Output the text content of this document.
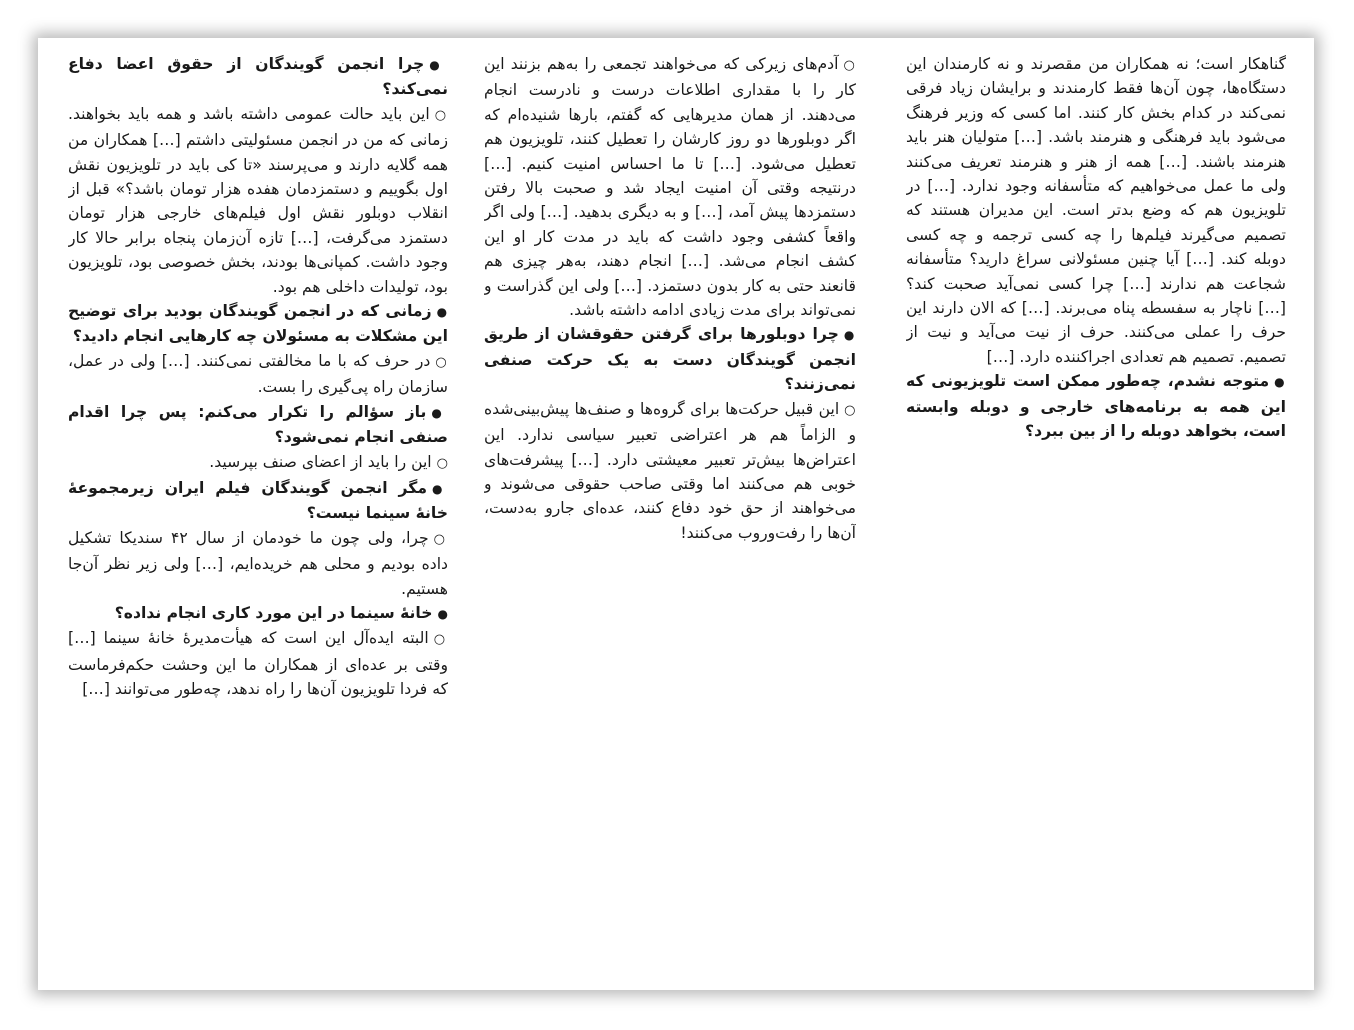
گناهکار است؛ نه همکاران من مقصرند و نه کارمندان این دستگاه‌ها، چون آن‌ها فقط کارمندند و برایشان زیاد فرقی نمی‌کند در کدام بخش کار کنند. اما کسی که وزیر فرهنگ می‌شود باید فرهنگی و هنرمند باشد. […] متولیان هنر باید هنرمند باشند. […] همه از هنر و هنرمند تعریف می‌کنند ولی ما عمل می‌خواهیم که متأسفانه وجود ندارد. […] در تلویزیون هم که وضع بدتر است. این مدیران هستند که تصمیم می‌گیرند فیلم‌ها را چه کسی ترجمه و چه کسی دوبله کند. […] آیا چنین مسئولانی سراغ دارید؟ متأسفانه شجاعت هم ندارند […] چرا کسی نمی‌آید صحبت کند؟ […] ناچار به سفسطه پناه می‌برند. […] که الان دارند این حرف را عملی می‌کنند. حرف از نیت می‌آید و نیت از تصمیم. تصمیم هم تعدادی اجراکننده دارد. […]

● متوجه نشدم، چه‌طور ممکن است تلویزیونی که این همه به برنامه‌های خارجی و دوبله وابسته است، بخواهد دوبله را از بین ببرد؟

○ آدم‌های زیرکی که می‌خواهند تجمعی را به‌هم بزنند این کار را با مقداری اطلاعات درست و نادرست انجام می‌دهند. از همان مدیرهایی که گفتم، بارها شنیده‌ام که اگر دوبلورها دو روز کارشان را تعطیل کنند، تلویزیون هم تعطیل می‌شود. […] تا ما احساس امنیت کنیم. […] درنتیجه وقتی آن امنیت ایجاد شد و صحبت بالا رفتن دستمزدها پیش آمد، […] و به دیگری بدهید. […] ولی اگر واقعاً کشفی وجود داشت که باید در مدت کار او این کشف انجام می‌شد. […] انجام دهند، به‌هر چیزی هم قانعند حتی به کار بدون دستمزد. […] ولی این گذراست و نمی‌تواند برای مدت زیادی ادامه داشته باشد.

● چرا دوبلورها برای گرفتن حقوقشان از طریق انجمن گویندگان دست به یک حرکت صنفی نمی‌زنند؟

○ این قبیل حرکت‌ها برای گروه‌ها و صنف‌ها پیش‌بینی‌شده و الزاماً هم هر اعتراضی تعبیر سیاسی ندارد. این اعتراض‌ها بیش‌تر تعبیر معیشتی دارد. […] پیشرفت‌های خوبی هم می‌کنند اما وقتی صاحب حقوقی می‌شوند و می‌خواهند از حق خود دفاع کنند، عده‌ای جارو به‌دست، آن‌ها را رفت‌وروب می‌کنند!

● چرا انجمن گویندگان از حقوق اعضا دفاع نمی‌کند؟

○ این باید حالت عمومی داشته باشد و همه باید بخواهند. زمانی که من در انجمن مسئولیتی داشتم […] همکاران من همه گلایه دارند و می‌پرسند «تا کی باید در تلویزیون نقش اول بگوییم و دستمزدمان هفده هزار تومان باشد؟» قبل از انقلاب دوبلور نقش اول فیلم‌های خارجی هزار تومان دستمزد می‌گرفت، […] تازه آن‌زمان پنجاه برابر حالا کار وجود داشت. کمپانی‌ها بودند، بخش خصوصی بود، تلویزیون بود، تولیدات داخلی هم بود.

● زمانی که در انجمن گویندگان بودید برای توضیح این مشکلات به مسئولان چه کارهایی انجام دادید؟

○ در حرف که با ما مخالفتی نمی‌کنند. […] ولی در عمل، سازمان راه پی‌گیری را بست.

● باز سؤالم را تکرار می‌کنم: پس چرا اقدام صنفی انجام نمی‌شود؟

○ این را باید از اعضای صنف بپرسید.

● مگر انجمن گویندگان فیلم ایران زیرمجموعهٔ خانهٔ سینما نیست؟

○ چرا، ولی چون ما خودمان از سال ۴۲ سندیکا تشکیل داده بودیم و محلی هم خریده‌ایم، […] ولی زیر نظر آن‌جا هستیم.

● خانهٔ سینما در این مورد کاری انجام نداده؟

○ البته ایده‌آل این است که هیأت‌مدیرهٔ خانهٔ سینما […] وقتی بر عده‌ای از همکاران ما این وحشت حکم‌فرماست که فردا تلویزیون آن‌ها را راه ندهد، چه‌طور می‌توانند […]
